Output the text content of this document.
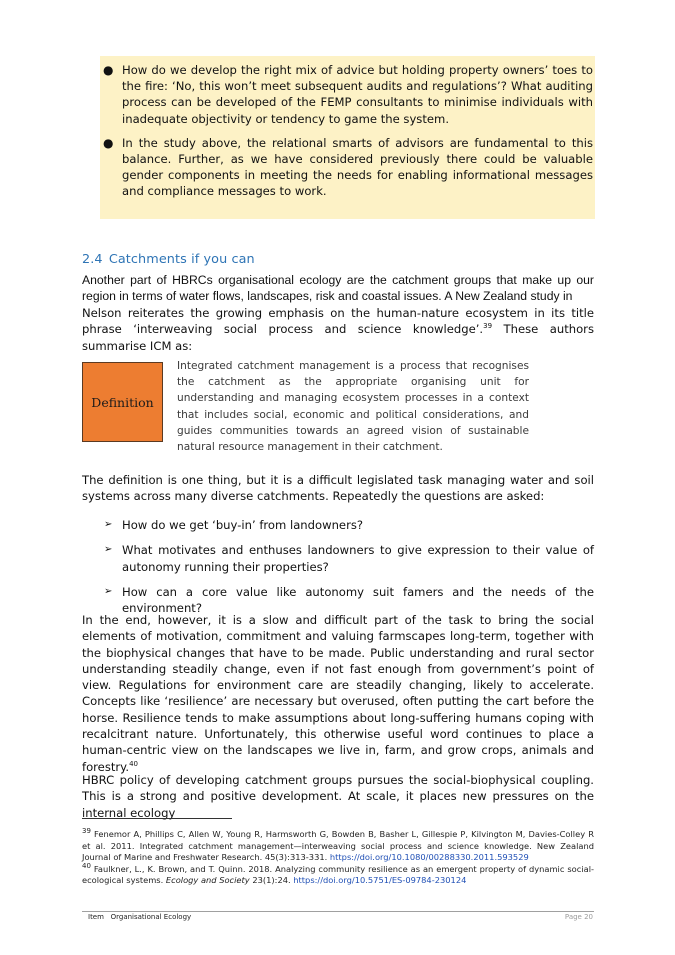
● How do we develop the right mix of advice but holding property owners’ toes to the fire: ‘No, this won’t meet subsequent audits and regulations’? What auditing process can be developed of the FEMP consultants to minimise individuals with inadequate objectivity or tendency to game the system.
● In the study above, the relational smarts of advisors are fundamental to this balance. Further, as we have considered previously there could be valuable gender components in meeting the needs for enabling informational messages and compliance messages to work.
2.4 Catchments if you can
Another part of HBRCs organisational ecology are the catchment groups that make up our region in terms of water flows, landscapes, risk and coastal issues. A New Zealand study in
Nelson reiterates the growing emphasis on the human-nature ecosystem in its title phrase ‘interweaving social process and science knowledge’.$^{39}$ These authors summarise ICM as:
Definition
Integrated catchment management is a process that recognises the catchment as the appropriate organising unit for understanding and managing ecosystem processes in a context that includes social, economic and political considerations, and guides communities towards an agreed vision of sustainable natural resource management in their catchment.
The definition is one thing, but it is a difficult legislated task managing water and soil systems across many diverse catchments. Repeatedly the questions are asked:
➢ How do we get ‘buy-in’ from landowners?
➢ What motivates and enthuses landowners to give expression to their value of autonomy running their properties?
➢ How can a core value like autonomy suit famers and the needs of the environment?
In the end, however, it is a slow and difficult part of the task to bring the social elements of motivation, commitment and valuing farmscapes long-term, together with the biophysical changes that have to be made. Public understanding and rural sector understanding steadily change, even if not fast enough from government’s point of view. Regulations for environment care are steadily changing, likely to accelerate. Concepts like ‘resilience’ are necessary but overused, often putting the cart before the horse. Resilience tends to make assumptions about long-suffering humans coping with recalcitrant nature. Unfortunately, this otherwise useful word continues to place a human-centric view on the landscapes we live in, farm, and grow crops, animals and forestry.$^{40}$
HBRC policy of developing catchment groups pursues the social-biophysical coupling. This is a strong and positive development. At scale, it places new pressures on the internal ecology

$^{39}$ Fenemor A, Phillips C, Allen W, Young R, Harmsworth G, Bowden B, Basher L, Gillespie P, Kilvington M, Davies-Colley R et al. 2011. Integrated catchment management—interweaving social process and science knowledge. New Zealand Journal of Marine and Freshwater Research. 45(3):313-331. https://doi.org/10.1080/00288330.2011.593529

$^{40}$ Faulkner, L., K. Brown, and T. Quinn. 2018. Analyzing community resilience as an emergent property of dynamic social-ecological systems. Ecology and Society 23(1):24. https://doi.org/10.5751/ES-09784-230124

Item   Organisational Ecology	Page 20
